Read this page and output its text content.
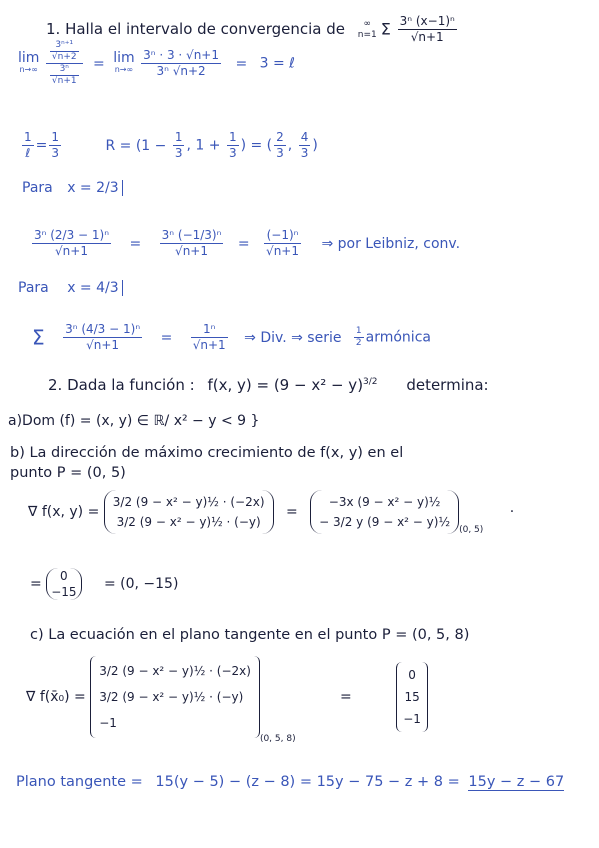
1. Halla el intervalo de convergencia de	∞
n=1 Σ $\frac{\text{3ⁿ (x−1)ⁿ}}{√n+1}$
lim
n→∞
$\frac{\frac{\text{3ⁿ⁺¹}}{√n+2}}{\frac{\text{3ⁿ}}{√n+1}} = \lim$
n→∞
$\frac{\text{3ⁿ · 3 · √n+1}}{\text{3ⁿ √n+2}} = 3$ = ℓ
$\frac{1}{\text{ℓ}} = \frac{1}{3}$	$R = (1 - \frac{1}{3}$ , $1 + \frac{1}{3}$ ) = ( $\frac{2}{3}$ , $\frac{4}{3}$ )
Para x = 2/3
$\frac{\text{3ⁿ (2/3 − 1)ⁿ}}{√n+1} = \frac{\text{3ⁿ (−1/3)ⁿ}}{√n+1} = \frac{\text{(−1)ⁿ}}{√n+1}$ ⇒ por Leibniz, conv.
Para x = 4/3
Σ $\frac{\text{3ⁿ (4/3 − 1)ⁿ}}{√n+1} = \frac{\text{1ⁿ}}{√n+1}$ ⇒ Div. ⇒ serie $\frac{1}{2}$ armónica
2. Dada la función : f(x, $y) = (9 - x^2 - y)^{3/2}$ determina:
a)Dom (f) = (x, y) ∈ ℝ/ x² − y < 9 }
b) La dirección de máximo crecimiento de f(x, y) en el
punto P = (0, 5)
∇ f(x, y) =
3/2 (9 − x² − y)½ · (−2x)
3/2 (9 − x² − y)½ · (−y)
=
−3x (9 − x² − y)½
− 3/2 y (9 − x² − y)½
$_{(0, 5)}$ ·
=	0
−15 = (0, −15)
c) La ecuación en el plano tangente en el punto P = (0, 5, 8)
∇ f(x̄₀) =
3/2 (9 − x² − y)½ · (−2x)
3/2 (9 − x² − y)½ · (−y)
−1
$_{(0, 5, 8)}$ =
0
15
−1
Plano tangente = 15(y − 5) − (z − 8) = 15y − 75 − z + 8 = 15y − z − 67
